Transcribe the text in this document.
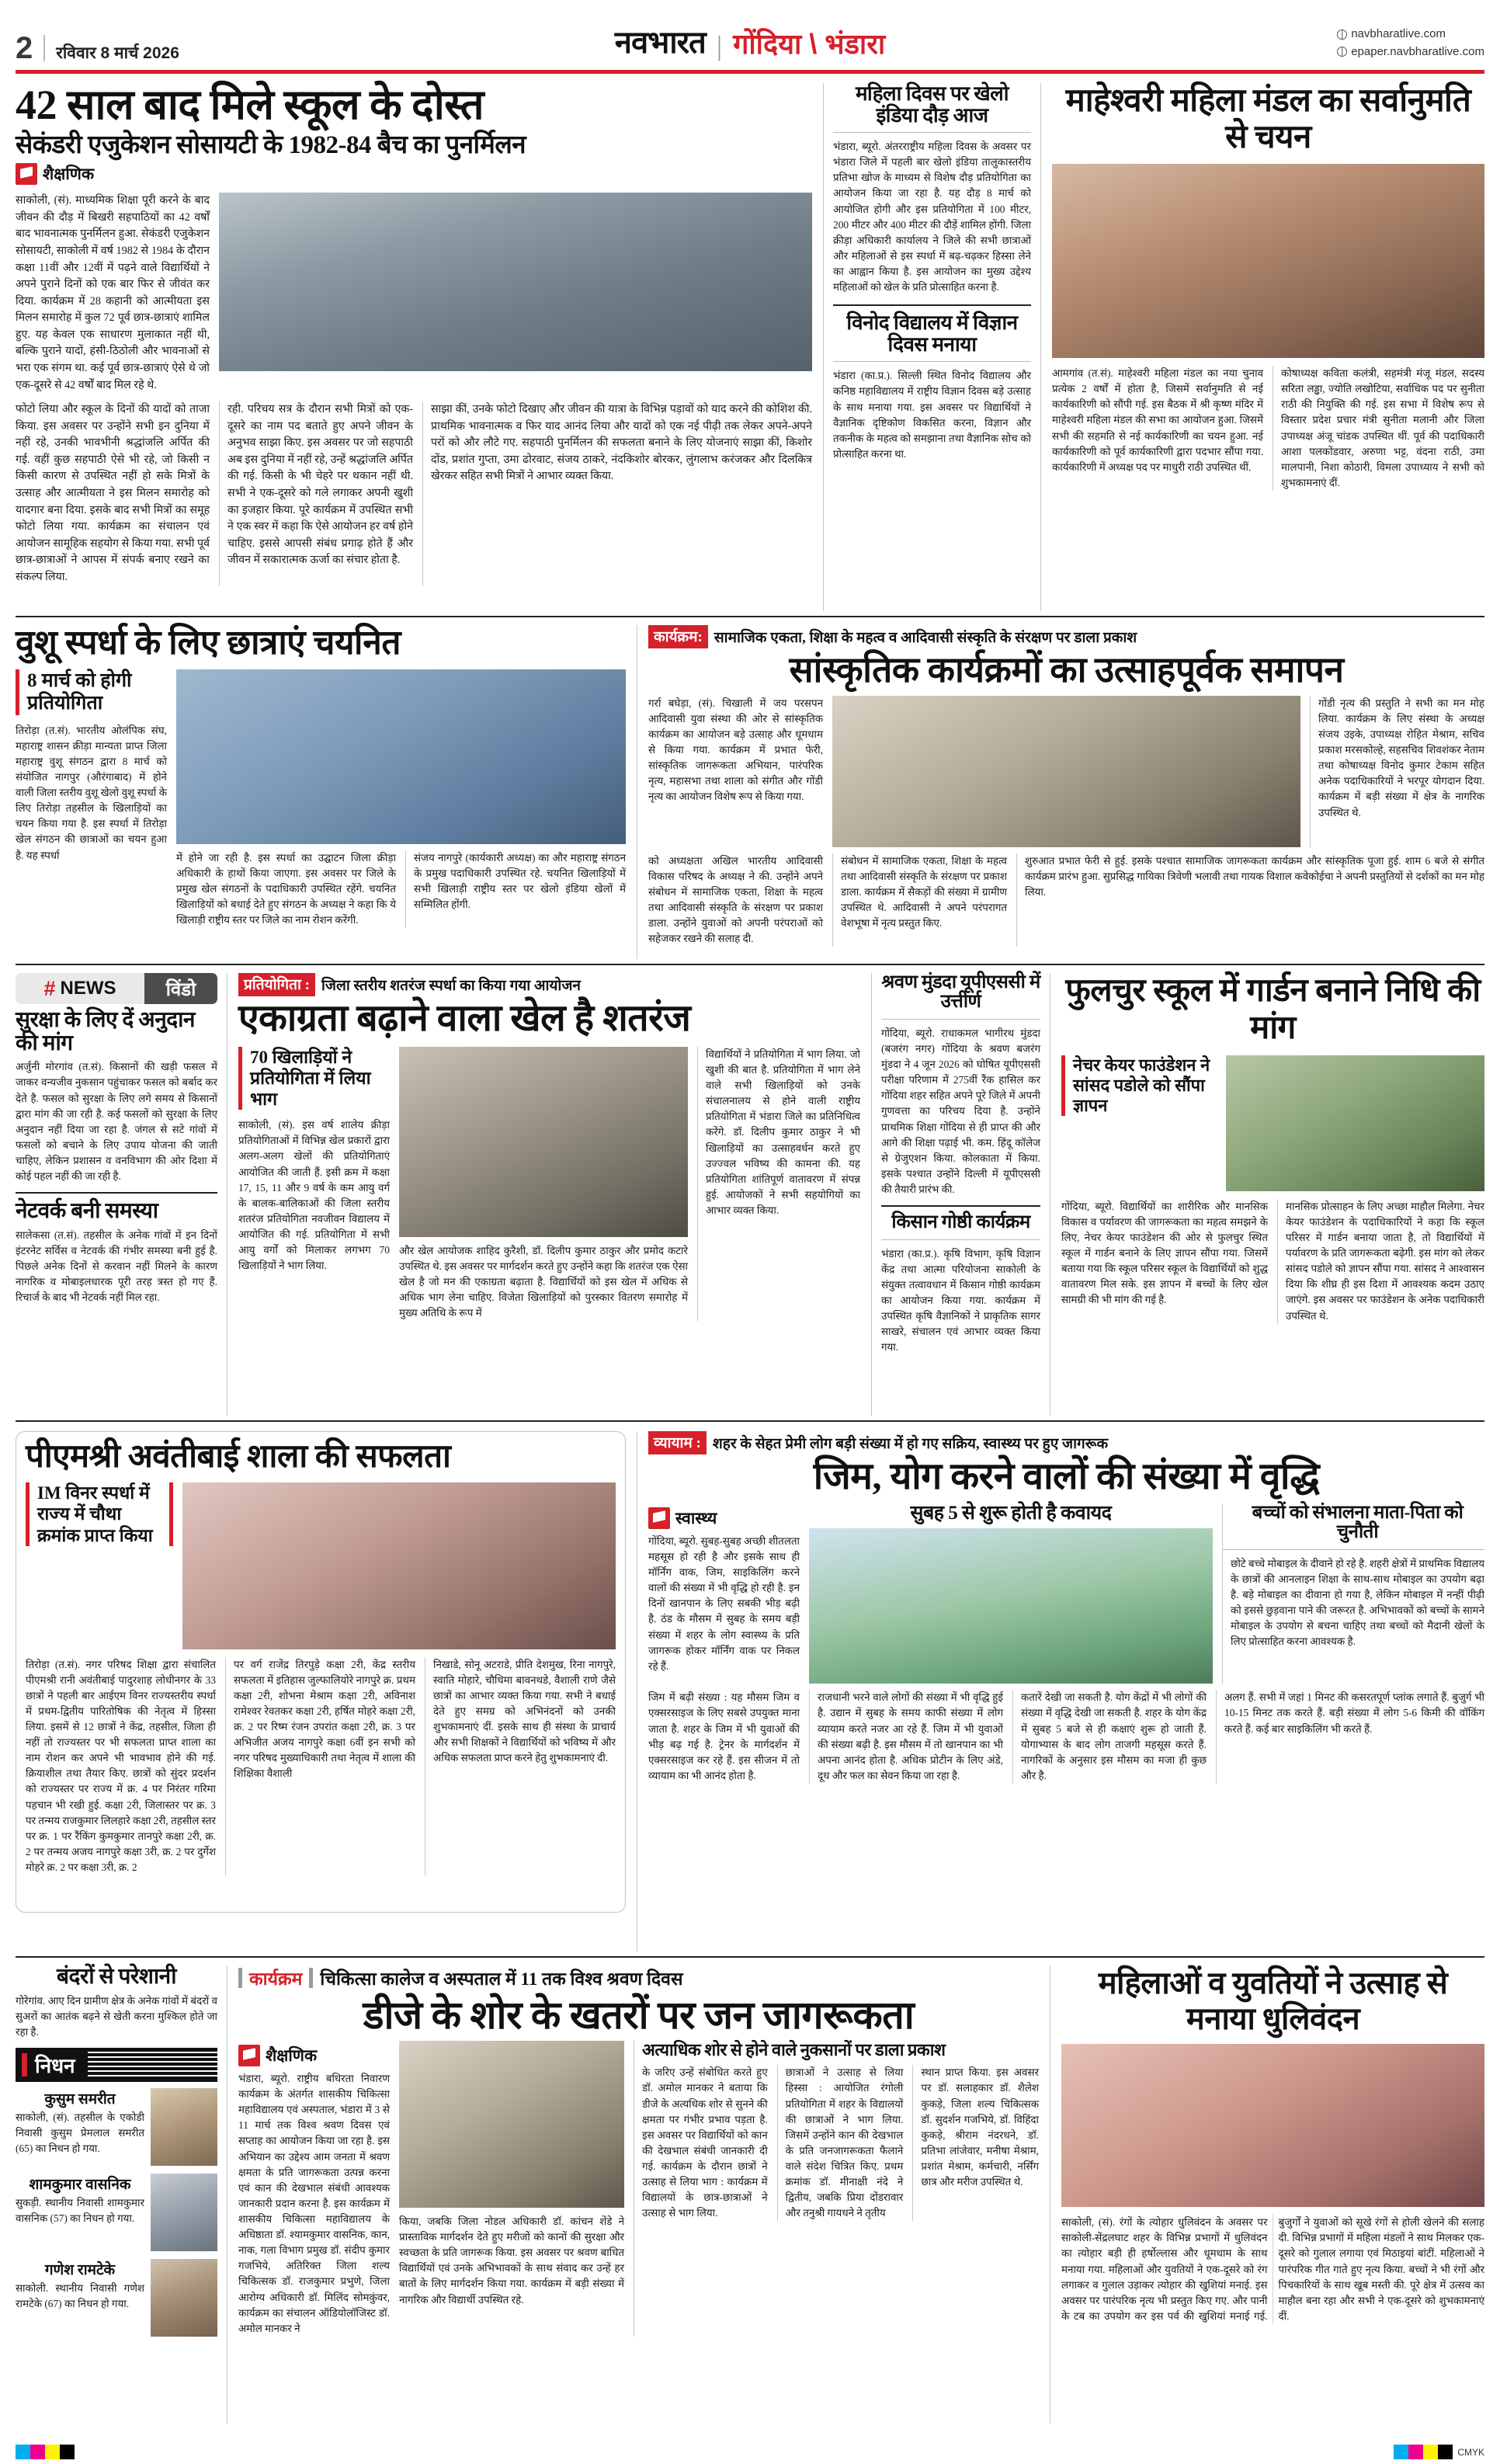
2 रविवार 8 मार्च 2026	नवभारत | गोंदिया \ भंडारा	navbharatlive.com
epaper.navbharatlive.com
42 साल बाद मिले स्कूल के दोस्त
सेकंडरी एजुकेशन सोसायटी के 1982-84 बैच का पुनर्मिलन
शैक्षणिक
साकोली, (सं). माध्यमिक शिक्षा पूरी करने के बाद जीवन की दौड़ में बिखरी सहपाठियों का 42 वर्षों बाद भावनात्मक पुनर्मिलन हुआ. सेकंडरी एजुकेशन सोसायटी, साकोली में वर्ष 1982 से 1984 के दौरान कक्षा 11वीं और 12वीं में पढ़ने वाले विद्यार्थियों ने अपने पुराने दिनों को एक बार फिर से जीवंत कर दिया. कार्यक्रम में 28 कहानी को आत्मीयता इस मिलन समारोह में कुल 72 पूर्व छात्र-छात्राएं शामिल हुए. यह केवल एक साधारण मुलाकात नहीं थी, बल्कि पुराने यादों, हंसी-ठिठोली और भावनाओं से भरा एक संगम था. कई पूर्व छात्र-छात्राएं ऐसे थे जो एक-दूसरे से 42 वर्षों बाद मिल रहे थे.
फोटो लिया और स्कूल के दिनों की यादों को ताजा किया. इस अवसर पर उन्होंने सभी इन दुनिया में नहीं रहे, उनकी भावभीनी श्रद्धांजलि अर्पित की गई. वहीं कुछ सहपाठी ऐसे भी रहे, जो किसी न किसी कारण से उपस्थित नहीं हो सके मित्रों के उत्साह और आत्मीयता ने इस मिलन समारोह को यादगार बना दिया. इसके बाद सभी मित्रों का समूह फोटो लिया गया. कार्यक्रम का संचालन एवं आयोजन सामूहिक सहयोग से किया गया. सभी पूर्व छात्र-छात्राओं ने आपस में संपर्क बनाए रखने का संकल्प लिया.
रही. परिचय सत्र के दौरान सभी मित्रों को एक-दूसरे का नाम पद बताते हुए अपने जीवन के अनुभव साझा किए. इस अवसर पर जो सहपाठी अब इस दुनिया में नहीं रहे, उन्हें श्रद्धांजलि अर्पित की गई. किसी के भी चेहरे पर थकान नहीं थी. सभी ने एक-दूसरे को गले लगाकर अपनी खुशी का इजहार किया. पूरे कार्यक्रम में उपस्थित सभी ने एक स्वर में कहा कि ऐसे आयोजन हर वर्ष होने चाहिए. इससे आपसी संबंध प्रगाढ़ होते हैं और जीवन में सकारात्मक ऊर्जा का संचार होता है.
साझा कीं, उनके फोटो दिखाए और जीवन की यात्रा के विभिन्न पड़ावों को याद करने की कोशिश की. प्राथमिक भावनात्मक व फिर याद आनंद लिया और यादों को एक नई पीढ़ी तक लेकर अपने-अपने परों को और लौटे गए. सहपाठी पुनर्मिलन की सफलता बनाने के लिए योजनाएं साझा कीं, किशोर दोंड, प्रशांत गुप्ता, उमा ढोरवाट, संजय ठाकरे, नंदकिशोर बोरकर, लुंगलाभ करंजकर और दिलकित्र खेरकर सहित सभी मित्रों ने आभार व्यक्त किया.
महिला दिवस पर खेलो इंडिया दौड़ आज
भंडारा, ब्यूरो. अंतरराष्ट्रीय महिला दिवस के अवसर पर भंडारा जिले में पहली बार खेलो इंडिया तालुकास्तरीय प्रतिभा खोज के माध्यम से विशेष दौड़ प्रतियोगिता का आयोजन किया जा रहा है. यह दौड़ 8 मार्च को आयोजित होगी और इस प्रतियोगिता में 100 मीटर, 200 मीटर और 400 मीटर की दौड़ें शामिल होंगी. जिला क्रीड़ा अधिकारी कार्यालय ने जिले की सभी छात्राओं और महिलाओं से इस स्पर्धा में बढ़-चढ़कर हिस्सा लेने का आह्वान किया है. इस आयोजन का मुख्य उद्देश्य महिलाओं को खेल के प्रति प्रोत्साहित करना है.
विनोद विद्यालय में विज्ञान दिवस मनाया
भंडारा (का.प्र.). सिल्ली स्थित विनोद विद्यालय और कनिष्ठ महाविद्यालय में राष्ट्रीय विज्ञान दिवस बड़े उत्साह के साथ मनाया गया. इस अवसर पर विद्यार्थियों ने वैज्ञानिक दृष्टिकोण विकसित करना, विज्ञान और तकनीक के महत्व को समझाना तथा वैज्ञानिक सोच को प्रोत्साहित करना था.
माहेश्वरी महिला मंडल का सर्वानुमति से चयन
आमगांव (त.सं). माहेश्वरी महिला मंडल का नया चुनाव प्रत्येक 2 वर्षों में होता है, जिसमें सर्वानुमति से नई कार्यकारिणी को सौंपी गई. इस बैठक में श्री कृष्ण मंदिर में माहेश्वरी महिला मंडल की सभा का आयोजन हुआ. जिसमें सभी की सहमति से नई कार्यकारिणी का चयन हुआ. नई कार्यकारिणी को पूर्व कार्यकारिणी द्वारा पदभार सौंपा गया. कार्यकारिणी में अध्यक्ष पद पर माधुरी राठी उपस्थित थीं.
कोषाध्यक्ष कविता कलंत्री, सहमंत्री मंजू मंडल, सदस्य सरिता लड्ढा, ज्योति लखोटिया, सर्वाधिक पद पर सुनीता राठी की नियुक्ति की गई. इस सभा में विशेष रूप से विस्तार प्रदेश प्रचार मंत्री सुनीता मलानी और जिला उपाध्यक्ष अंजू चांडक उपस्थित थीं. पूर्व की पदाधिकारी आशा पलकोंडवार, अरुणा भट्ट, वंदना राठी, उमा मालपानी, निशा कोठारी, विमला उपाध्याय ने सभी को शुभकामनाएं दीं.
वुशू स्पर्धा के लिए छात्राएं चयनित
8 मार्च को होगी प्रतियोगिता
तिरोड़ा (त.सं). भारतीय ओलंपिक संघ, महाराष्ट्र शासन क्रीड़ा मान्यता प्राप्त जिला महाराष्ट्र वुशू संगठन द्वारा 8 मार्च को संयोजित नागपुर (औरंगाबाद) में होने वाली जिला स्तरीय वुशू खेलो वुशू स्पर्धा के लिए तिरोड़ा तहसील के खिलाड़ियों का चयन किया गया है. इस स्पर्धा में तिरोड़ा खेल संगठन की छात्राओं का चयन हुआ है. यह स्पर्धा	में होने जा रही है. इस स्पर्धा का उद्घाटन जिला क्रीड़ा अधिकारी के हाथों किया जाएगा. इस अवसर पर जिले के प्रमुख खेल संगठनों के पदाधिकारी उपस्थित रहेंगे. चयनित खिलाड़ियों को बधाई देते हुए संगठन के अध्यक्ष ने कहा कि ये खिलाड़ी राष्ट्रीय स्तर पर जिले का नाम रोशन करेंगी.
संजय नागपुरे (कार्यकारी अध्यक्ष) का और महाराष्ट्र संगठन के प्रमुख पदाधिकारी उपस्थित रहे. चयनित खिलाड़ियों में सभी खिलाड़ी राष्ट्रीय स्तर पर खेलो इंडिया खेलों में सम्मिलित होंगी.
कार्यक्रम: सामाजिक एकता, शिक्षा के महत्व व आदिवासी संस्कृति के संरक्षण पर डाला प्रकाश
सांस्कृतिक कार्यक्रमों का उत्साहपूर्वक समापन
गर्रा बघेड़ा, (सं). चिखाली में जय परसपन आदिवासी युवा संस्था की ओर से सांस्कृतिक कार्यक्रम का आयोजन बड़े उत्साह और धूमधाम से किया गया. कार्यक्रम में प्रभात फेरी, सांस्कृतिक जागरूकता अभियान, पारंपरिक नृत्य, महासभा तथा शाला को संगीत और गोंडी नृत्य का आयोजन विशेष रूप से किया गया.
गोंडी नृत्य की प्रस्तुति ने सभी का मन मोह लिया. कार्यक्रम के लिए संस्था के अध्यक्ष संजय उइके, उपाध्यक्ष रोहित मेश्राम, सचिव प्रकाश मरसकोल्हे, सहसचिव शिवशंकर नेताम तथा कोषाध्यक्ष विनोद कुमार टेकाम सहित अनेक पदाधिकारियों ने भरपूर योगदान दिया. कार्यक्रम में बड़ी संख्या में क्षेत्र के नागरिक उपस्थित थे.
को अध्यक्षता अखिल भारतीय आदिवासी विकास परिषद के अध्यक्ष ने की. उन्होंने अपने संबोधन में सामाजिक एकता, शिक्षा के महत्व तथा आदिवासी संस्कृति के संरक्षण पर प्रकाश डाला. उन्होंने युवाओं को अपनी परंपराओं को सहेजकर रखने की सलाह दी.
संबोधन में सामाजिक एकता, शिक्षा के महत्व तथा आदिवासी संस्कृति के संरक्षण पर प्रकाश डाला. कार्यक्रम में सैकड़ों की संख्या में ग्रामीण उपस्थित थे. आदिवासी ने अपने परंपरागत वेशभूषा में नृत्य प्रस्तुत किए.
शुरुआत प्रभात फेरी से हुई. इसके पश्चात सामाजिक जागरूकता कार्यक्रम और सांस्कृतिक पूजा हुई. शाम 6 बजे से संगीत कार्यक्रम प्रारंभ हुआ. सुप्रसिद्ध गायिका त्रिवेणी भलावी तथा गायक विशाल कवेकोईचा ने अपनी प्रस्तुतियों से दर्शकों का मन मोह लिया.
# NEWS	विंडो
सुरक्षा के लिए दें अनुदान की मांग
अर्जुनी मोरगांव (त.सं). किसानों की खड़ी फसल में जाकर वन्यजीव नुकसान पहुंचाकर फसल को बर्बाद कर देते है. फसल को सुरक्षा के लिए लगे समय से किसानों द्वारा मांग की जा रही है. कई फसलों को सुरक्षा के लिए अनुदान नहीं दिया जा रहा है. जंगल से सटे गांवों में फसलों को बचाने के लिए उपाय योजना की जाती चाहिए, लेकिन प्रशासन व वनविभाग की ओर दिशा में कोई पहल नहीं की जा रही है.
नेटवर्क बनी समस्या
सालेकसा (त.सं). तहसील के अनेक गांवों में इन दिनों इंटरनेट सर्विस व नेटवर्क की गंभीर समस्या बनी हुई है. पिछले अनेक दिनों से करवान नहीं मिलने के कारण नागरिक व मोबाइलधारक पूरी तरह त्रस्त हो गए हैं. रिचार्ज के बाद भी नेटवर्क नहीं मिल रहा.
प्रतियोगिता : जिला स्तरीय शतरंज स्पर्धा का किया गया आयोजन
एकाग्रता बढ़ाने वाला खेल है शतरंज
70 खिलाड़ियों ने प्रतियोगिता में लिया भाग
साकोली, (सं). इस वर्ष शालेय क्रीड़ा प्रतियोगिताओं में विभिन्न खेल प्रकारों द्वारा अलग-अलग खेलों की प्रतियोगिताएं आयोजित की जाती हैं. इसी क्रम में कक्षा 17, 15, 11 और 9 वर्ष के कम आयु वर्ग के बालक-बालिकाओं की जिला स्तरीय शतरंज प्रतियोगिता नवजीवन विद्यालय में आयोजित की गई. प्रतियोगिता में सभी आयु वर्गों को मिलाकर लगभग 70 खिलाड़ियों ने भाग लिया.
और खेल आयोजक शाहिद कुरैशी, डॉ. दिलीप कुमार ठाकुर और प्रमोद कटारे उपस्थित थे. इस अवसर पर मार्गदर्शन करते हुए उन्होंने कहा कि शतरंज एक ऐसा खेल है जो मन की एकाग्रता बढ़ाता है. विद्यार्थियों को इस खेल में अधिक से अधिक भाग लेना चाहिए. विजेता खिलाड़ियों को पुरस्कार वितरण समारोह में मुख्य अतिथि के रूप में
विद्यार्थियों ने प्रतियोगिता में भाग लिया. जो खुशी की बात है. प्रतियोगिता में भाग लेने वाले सभी खिलाड़ियों को उनके संचालनालय से होने वाली राष्ट्रीय प्रतियोगिता में भंडारा जिले का प्रतिनिधित्व करेंगे. डॉ. दिलीप कुमार ठाकुर ने भी खिलाड़ियों का उत्साहवर्धन करते हुए उज्ज्वल भविष्य की कामना की. यह प्रतियोगिता शांतिपूर्ण वातावरण में संपन्न हुई. आयोजकों ने सभी सहयोगियों का आभार व्यक्त किया.
श्रवण मुंडदा यूपीएससी में उत्तीर्ण
गोंदिया, ब्यूरो. राधाकमल भागीरथ मुंडदा (बजरंग नगर) गोंदिया के श्रवण बजरंग मुंडदा ने 4 जून 2026 को घोषित यूपीएससी परीक्षा परिणाम में 275वीं रैंक हासिल कर गोंदिया शहर सहित अपने पूरे जिले में अपनी गुणवत्ता का परिचय दिया है. उन्होंने प्राथमिक शिक्षा गोंदिया से ही प्राप्त की और आगे की शिक्षा पढ़ाई भी. कम. हिंदू कॉलेज से ग्रेजुएशन किया. कोलकाता में किया. इसके पश्चात उन्होंने दिल्ली में यूपीएससी की तैयारी प्रारंभ की.
किसान गोष्ठी कार्यक्रम
भंडारा (का.प्र.). कृषि विभाग, कृषि विज्ञान केंद्र तथा आत्मा परियोजना साकोली के संयुक्त तत्वावधान में किसान गोष्ठी कार्यक्रम का आयोजन किया गया. कार्यक्रम में उपस्थित कृषि वैज्ञानिकों ने प्राकृतिक सागर साखरे, संचालन एवं आभार व्यक्त किया गया.
फुलचुर स्कूल में गार्डन बनाने निधि की मांग
नेचर केयर फाउंडेशन ने सांसद पडोले को सौंपा ज्ञापन
गोंदिया, ब्यूरो. विद्यार्थियों का शारीरिक और मानसिक विकास व पर्यावरण की जागरूकता का महत्व समझने के लिए, नेचर केयर फाउंडेशन की ओर से फुलचुर स्थित स्कूल में गार्डन बनाने के लिए ज्ञापन सौंपा गया. जिसमें बताया गया कि स्कूल परिसर स्कूल के विद्यार्थियों को शुद्ध वातावरण मिल सके. इस ज्ञापन में बच्चों के लिए खेल सामग्री की भी मांग की गई है.
मानसिक प्रोत्साहन के लिए अच्छा माहौल मिलेगा. नेचर केयर फाउंडेशन के पदाधिकारियों ने कहा कि स्कूल परिसर में गार्डन बनाया जाता है, तो विद्यार्थियों में पर्यावरण के प्रति जागरूकता बढ़ेगी. इस मांग को लेकर सांसद पडोले को ज्ञापन सौंपा गया. सांसद ने आश्वासन दिया कि शीघ्र ही इस दिशा में आवश्यक कदम उठाए जाएंगे. इस अवसर पर फाउंडेशन के अनेक पदाधिकारी उपस्थित थे.
पीएमश्री अवंतीबाई शाला की सफलता
IM विनर स्पर्धा में राज्य में चौथा क्रमांक प्राप्त किया
तिरोड़ा (त.सं). नगर परिषद शिक्षा द्वारा संचालित पीएमश्री रानी अवंतीबाई पादुरशाह लोधीनगर के 33 छात्रों ने पहली बार आईएम विनर राज्यस्तरीय स्पर्धा में प्रथम-द्वितीय पारितोषिक की नेतृत्व में हिस्सा लिया. इसमें से 12 छात्रों ने केंद्र, तहसील, जिला ही नहीं तो राज्यस्तर पर भी सफलता प्राप्त शाला का नाम रोशन कर अपने भी भावभाव होने की गई. क्रियाशील तथा तैयार किए. छात्रों को सुंदर प्रदर्शन को राज्यस्तर पर राज्य में क्र. 4 पर निरंतर गरिमा पहचान भी रखी हुई. कक्षा 2री, जिलास्तर पर क्र. 3 पर तन्मय राजकुमार लिलहारे कक्षा 2री, तहसील स्तर पर क्र. 1 पर रैंकिंग कुमकुमार तानपुरे कक्षा 2री, क्र. 2 पर तन्मय अजय नागपुरे कक्षा 3री, क्र. 2 पर दुर्गेश मोहरे क्र. 2 पर कक्षा 3री, क्र. 2
पर वर्ग राजेंद्र तिरपुड़े कक्षा 2री, केंद्र स्तरीय सफलता में इतिहास जुल्फालियोरे नागपुरे क्र. प्रथम कक्षा 2री, शोभना मेश्राम कक्षा 2री, अविनाश रामेश्वर रेवतकर कक्षा 2री, हर्षित मोहरे कक्षा 2री, क्र. 2 पर रिष्म रंजन उपरांत कक्षा 2री, क्र. 3 पर अभिजीत अजय नागपुरे कक्षा 6वीं इन सभी को नगर परिषद मुख्याधिकारी तथा नेतृत्व में शाला की शिक्षिका वैशाली
निखाडे, सोनू अटराडे, प्रीति देशमुख, रिना नागपुरे, स्वाति मोहारे, चौधिमा बावनथडे, वैशाली राणे जैसे छात्रों का आभार व्यक्त किया गया. सभी ने बधाई देते हुए समग्र को अभिनंदनों को उनकी शुभकामनाएं दीं. इसके साथ ही संस्था के प्राचार्य और सभी शिक्षकों ने विद्यार्थियों को भविष्य में और अधिक सफलता प्राप्त करने हेतु शुभकामनाएं दी.
व्यायाम : शहर के सेहत प्रेमी लोग बड़ी संख्या में हो गए सक्रिय, स्वास्थ्य पर हुए जागरूक
जिम, योग करने वालों की संख्या में वृद्धि
स्वास्थ्य
गोंदिया, ब्यूरो. सुबह-सुबह अच्छी शीतलता महसूस हो रही है और इसके साथ ही मॉर्निंग वाक, जिम, साइकिलिंग करने वालों की संख्या में भी वृद्धि हो रही है. इन दिनों खानपान के लिए सबकी भीड़ बढ़ी है. ठंड के मौसम में सुबह के समय बड़ी संख्या में शहर के लोग स्वास्थ्य के प्रति जागरूक होकर मॉर्निंग वाक पर निकल रहे हैं.
सुबह 5 से शुरू होती है कवायद	बच्चों को संभालना माता-पिता को चुनौती
छोटे बच्चे मोबाइल के दीवाने हो रहे है. शहरी क्षेत्रों में प्राथमिक विद्यालय के छात्रों की आनलाइन शिक्षा के साथ-साथ मोबाइल का उपयोग बढ़ा है. बड़े मोबाइल का दीवाना हो गया है, लेकिन मोबाइल में नन्हीं पीढ़ी को इससे छुड़वाना पाने की जरूरत है. अभिभावकों को बच्चों के सामने मोबाइल के उपयोग से बचना चाहिए तथा बच्चों को मैदानी खेलों के लिए प्रोत्साहित करना आवश्यक है.
जिम में बढ़ी संख्या : यह मौसम जिम व एक्सरसाइज के लिए सबसे उपयुक्त माना जाता है. शहर के जिम में भी युवाओं की भीड़ बढ़ गई है. ट्रेनर के मार्गदर्शन में एक्सरसाइज कर रहे हैं. इस सीजन में तो व्यायाम का भी आनंद होता है.
राजधानी भरने वाले लोगों की संख्या में भी वृद्धि हुई है. उद्यान में सुबह के समय काफी संख्या में लोग व्यायाम करते नजर आ रहे हैं. जिम में भी युवाओं की संख्या बढ़ी है. इस मौसम में तो खानपान का भी अपना आनंद होता है. अधिक प्रोटीन के लिए अंडे, दूध और फल का सेवन किया जा रहा है.
कतारें देखी जा सकती है. योग केंद्रों में भी लोगों की संख्या में वृद्धि देखी जा सकती है. शहर के योग केंद्र में सुबह 5 बजे से ही कक्षाएं शुरू हो जाती हैं. योगाभ्यास के बाद लोग ताजगी महसूस करते हैं. नागरिकों के अनुसार इस मौसम का मजा ही कुछ और है.
अलग हैं. सभी में जहां 1 मिनट की कसरतपूर्ण प्लांक लगाते हैं. बुजुर्ग भी 10-15 मिनट तक करते हैं. बड़ी संख्या में लोग 5-6 किमी की वॉकिंग करते हैं. कई बार साइकिलिंग भी करते हैं.
बंदरों से परेशानी
गोरेगांव. आए दिन ग्रामीण क्षेत्र के अनेक गांवों में बंदरों व सुअरों का आतंक बढ़ने से खेती करना मुश्किल होते जा रहा है.
निधन
कुसुम समरीत
साकोली, (सं). तहसील के एकोडी निवासी कुसुम प्रेमलाल समरीत (65) का निधन हो गया.
शामकुमार वासनिक
सुकड़ी. स्थानीय निवासी शामकुमार वासनिक (57) का निधन हो गया.
गणेश रामटेके
साकोली. स्थानीय निवासी गणेश रामटेके (67) का निधन हो गया.
कार्यक्रम चिकित्सा कालेज व अस्पताल में 11 तक विश्व श्रवण दिवस
डीजे के शोर के खतरों पर जन जागरूकता
शैक्षणिक
भंडारा, ब्यूरो. राष्ट्रीय बधिरता निवारण कार्यक्रम के अंतर्गत शासकीय चिकित्सा महाविद्यालय एवं अस्पताल, भंडारा में 3 से 11 मार्च तक विश्व श्रवण दिवस एवं सप्ताह का आयोजन किया जा रहा है. इस अभियान का उद्देश्य आम जनता में श्रवण क्षमता के प्रति जागरूकता उत्पन्न करना एवं कान की देखभाल संबंधी आवश्यक जानकारी प्रदान करना है. इस कार्यक्रम में शासकीय चिकित्सा महाविद्यालय के अधिष्ठाता डॉ. श्यामकुमार वासनिक, कान, नाक, गला विभाग प्रमुख डॉ. संदीप कुमार गजभिये, अतिरिक्त जिला शल्य चिकित्सक डॉ. राजकुमार प्रभुणे, जिला आरोग्य अधिकारी डॉ. मिलिंद सोमकुंवर, कार्यक्रम का संचालन ऑडियोलॉजिस्ट डॉ. अमोल मानकर ने
किया, जबकि जिला नोडल अधिकारी डॉ. कांचन शेंडे ने प्रास्ताविक मार्गदर्शन देते हुए मरीजों को कानों की सुरक्षा और स्वच्छता के प्रति जागरूक किया. इस अवसर पर श्रवण बाधित विद्यार्थियों एवं उनके अभिभावकों के साथ संवाद कर उन्हें हर बातों के लिए मार्गदर्शन किया गया. कार्यक्रम में बड़ी संख्या में नागरिक और विद्यार्थी उपस्थित रहे.
अत्याधिक शोर से होने वाले नुकसानों पर डाला प्रकाश
के जरिए उन्हें संबोधित करते हुए डॉ. अमोल मानकर ने बताया कि डीजे के अत्यधिक शोर से सुनने की क्षमता पर गंभीर प्रभाव पड़ता है. इस अवसर पर विद्यार्थियों को कान की देखभाल संबंधी जानकारी दी गई. कार्यक्रम के दौरान छात्रों ने उत्साह से लिया भाग : कार्यक्रम में विद्यालयों के छात्र-छात्राओं ने उत्साह से भाग लिया.
छात्राओं ने उत्साह से लिया हिस्सा : आयोजित रंगोली प्रतियोगिता में शहर के विद्यालयों की छात्राओं ने भाग लिया. जिसमें उन्होंने कान की देखभाल के प्रति जनजागरूकता फैलाने वाले संदेश चित्रित किए. प्रथम क्रमांक डॉ. मीनाक्षी नंदे ने द्वितीय, जबकि प्रिया दोंडरावार और तनुश्री गायधने ने तृतीय
स्थान प्राप्त किया. इस अवसर पर डॉ. सलाहकार डॉ. शैलेश कुकड़े, जिला शल्य चिकित्सक डॉ. सुदर्शन गजभिये, डॉ. विहिंदा कुकड़े, श्रीराम नंदरधने, डॉ. प्रतिभा लांजेवार, मनीषा मेश्राम, प्रशांत मेश्राम, कर्मचारी, नर्सिंग छात्र और मरीज उपस्थित थे.
महिलाओं व युवतियों ने उत्साह से मनाया धुलिवंदन
साकोली, (सं). रंगों के त्योहार धुलिवंदन के अवसर पर साकोली-सेंद्रलघाट शहर के विभिन्न प्रभागों में धुलिवंदन का त्योहार बड़ी ही हर्षोल्लास और धूमधाम के साथ मनाया गया. महिलाओं और युवतियों ने एक-दूसरे को रंग लगाकर व गुलाल उड़ाकर त्योहार की खुशियां मनाई. इस अवसर पर पारंपरिक नृत्य भी प्रस्तुत किए गए. और पानी के टब का उपयोग कर इस पर्व की खुशियां मनाई गई. बुजुर्गों ने युवाओं को सूखे रंगों से होली खेलने की सलाह दी. विभिन्न प्रभागों में महिला मंडलों ने साथ मिलकर एक-दूसरे को गुलाल लगाया एवं मिठाइयां बांटीं. महिलाओं ने पारंपरिक गीत गाते हुए नृत्य किया. बच्चों ने भी रंगों और पिचकारियों के साथ खूब मस्ती की. पूरे क्षेत्र में उत्सव का माहौल बना रहा और सभी ने एक-दूसरे को शुभकामनाएं दीं.
CMYK
